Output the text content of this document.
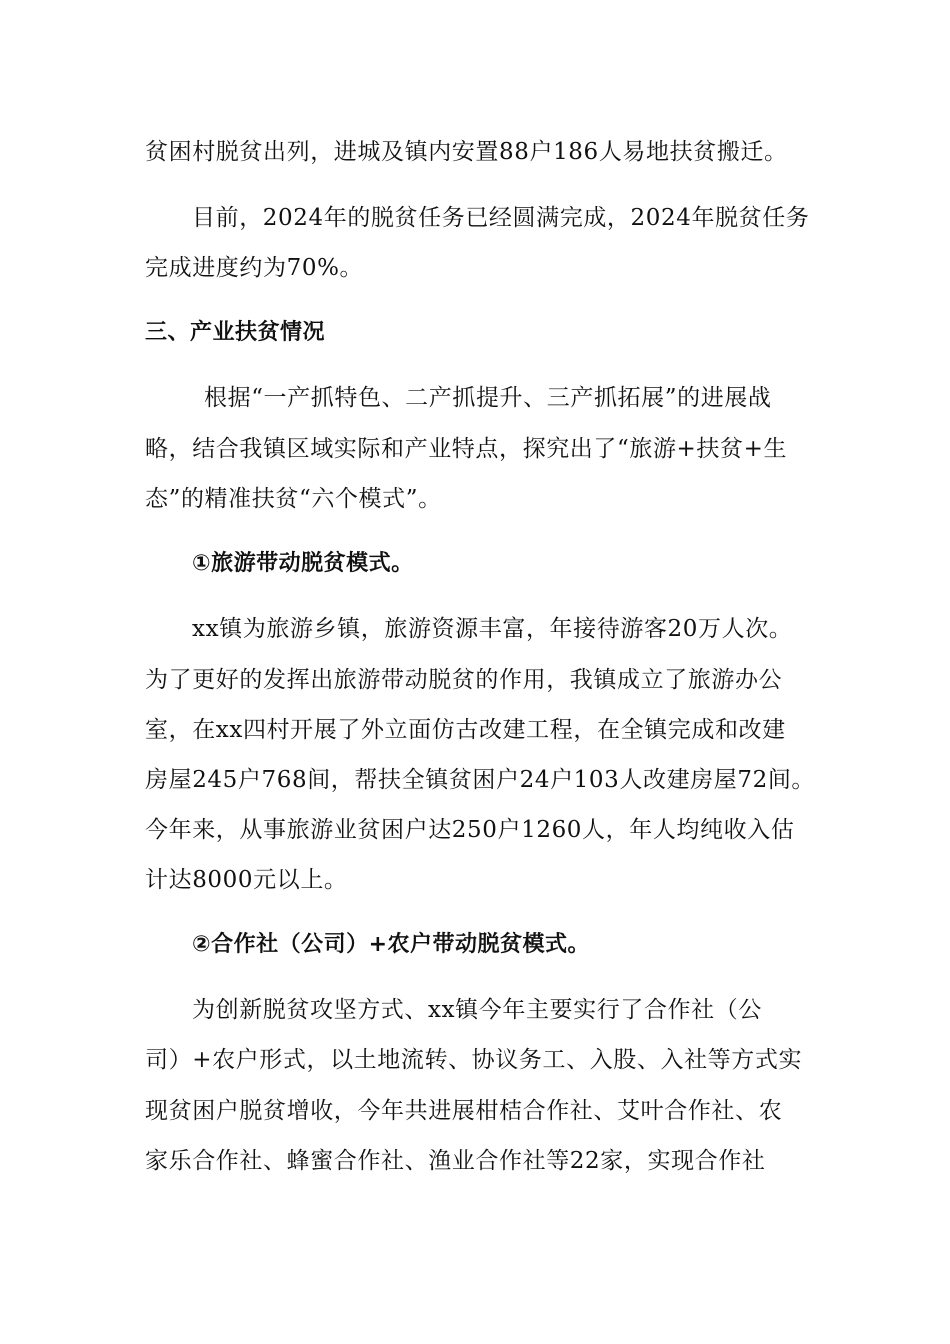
贫困村脱贫出列，进城及镇内安置88户186人易地扶贫搬迁。
目前，2024年的脱贫任务已经圆满完成，2024年脱贫任务
完成进度约为70%。
三、产业扶贫情况
根据“一产抓特色、二产抓提升、三产抓拓展”的进展战
略，结合我镇区域实际和产业特点，探究出了“旅游+扶贫+生
态”的精准扶贫“六个模式”。
①旅游带动脱贫模式。
xx镇为旅游乡镇，旅游资源丰富，年接待游客20万人次。
为了更好的发挥出旅游带动脱贫的作用，我镇成立了旅游办公
室，在xx四村开展了外立面仿古改建工程，在全镇完成和改建
房屋245户768间，帮扶全镇贫困户24户103人改建房屋72间。
今年来，从事旅游业贫困户达250户1260人，年人均纯收入估
计达8000元以上。
②合作社（公司）+农户带动脱贫模式。
为创新脱贫攻坚方式、xx镇今年主要实行了合作社（公
司）+农户形式，以土地流转、协议务工、入股、入社等方式实
现贫困户脱贫增收，今年共进展柑桔合作社、艾叶合作社、农
家乐合作社、蜂蜜合作社、渔业合作社等22家，实现合作社
